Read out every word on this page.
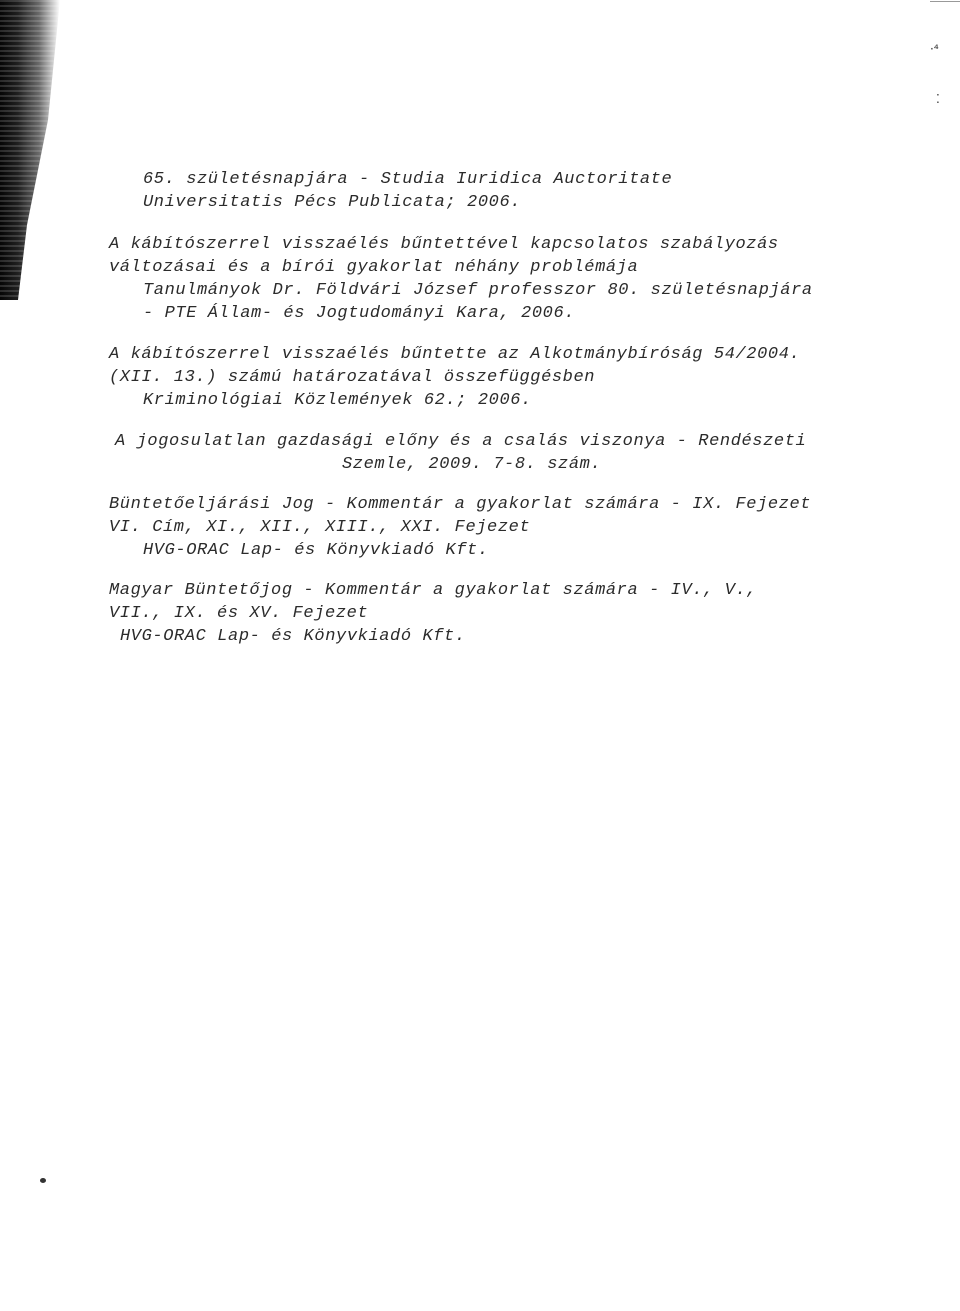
·⁴
⁚
65. születésnapjára - Studia Iuridica Auctoritate
Universitatis Pécs Publicata; 2006.
A kábítószerrel visszaélés bűntettével kapcsolatos szabályozás
változásai és a bírói gyakorlat néhány problémája
Tanulmányok Dr. Földvári József professzor 80. születésnapjára
- PTE Állam- és Jogtudományi Kara, 2006.
A kábítószerrel visszaélés bűntette az Alkotmánybíróság 54/2004.
(XII. 13.) számú határozatával összefüggésben
Kriminológiai Közlemények 62.; 2006.
A jogosulatlan gazdasági előny és a csalás viszonya - Rendészeti
Szemle, 2009. 7-8. szám.
Büntetőeljárási Jog - Kommentár a gyakorlat számára - IX. Fejezet
VI. Cím, XI., XII., XIII., XXI. Fejezet
HVG-ORAC Lap- és Könyvkiadó Kft.
Magyar Büntetőjog - Kommentár a gyakorlat számára - IV., V.,
VII., IX. és XV. Fejezet
HVG-ORAC Lap- és Könyvkiadó Kft.
